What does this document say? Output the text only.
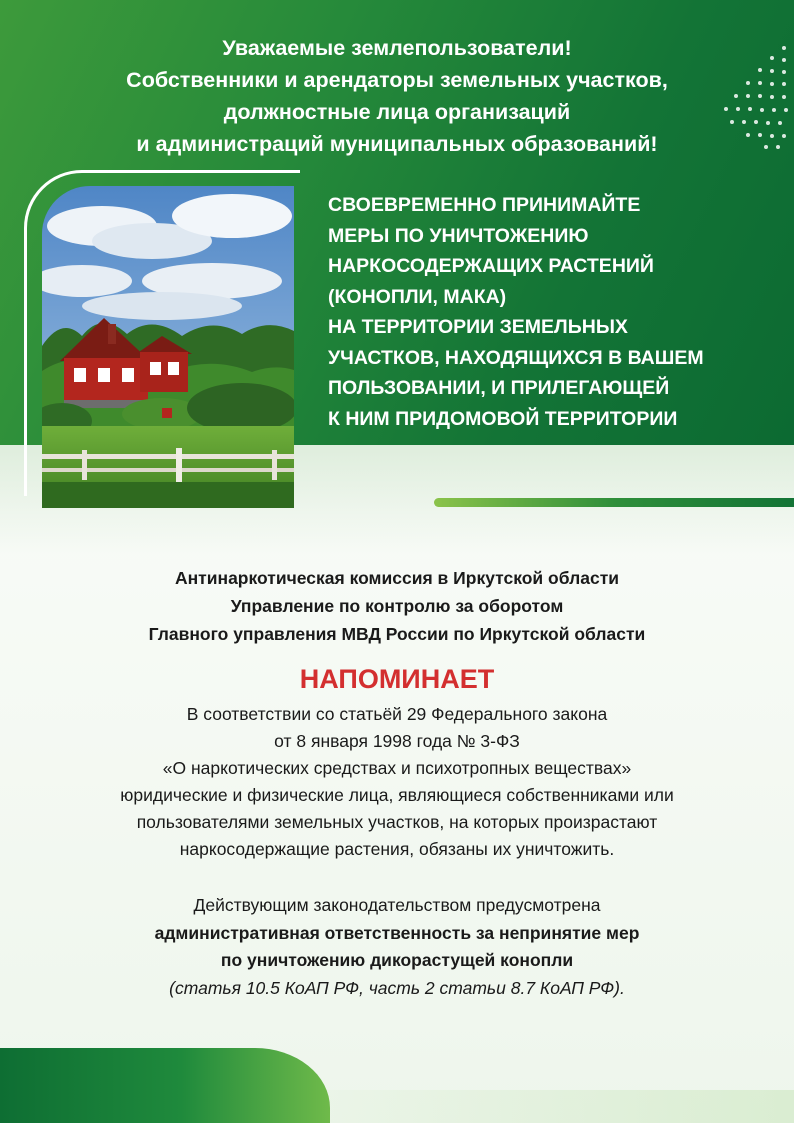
Уважаемые землепользователи!
Собственники и арендаторы земельных участков,
должностные лица организаций
и администраций муниципальных образований!
СВОЕВРЕМЕННО ПРИНИМАЙТЕ
МЕРЫ ПО УНИЧТОЖЕНИЮ
НАРКОСОДЕРЖАЩИХ РАСТЕНИЙ
(КОНОПЛИ, МАКА)
НА ТЕРРИТОРИИ ЗЕМЕЛЬНЫХ
УЧАСТКОВ, НАХОДЯЩИХСЯ В ВАШЕМ
ПОЛЬЗОВАНИИ, И ПРИЛЕГАЮЩЕЙ
К НИМ ПРИДОМОВОЙ ТЕРРИТОРИИ
Антинаркотическая комиссия в Иркутской области
Управление по контролю за оборотом
Главного управления МВД России по Иркутской области
НАПОМИНАЕТ
В соответствии со статьёй 29 Федерального закона
от 8 января 1998 года № 3-ФЗ
«О наркотических средствах и психотропных веществах»
юридические и физические лица, являющиеся собственниками или
пользователями земельных участков, на которых произрастают
наркосодержащие растения, обязаны их уничтожить.
Действующим законодательством предусмотрена
административная ответственность за непринятие мер
по уничтожению дикорастущей конопли
(статья 10.5 КоАП РФ, часть 2 статьи 8.7 КоАП РФ).
